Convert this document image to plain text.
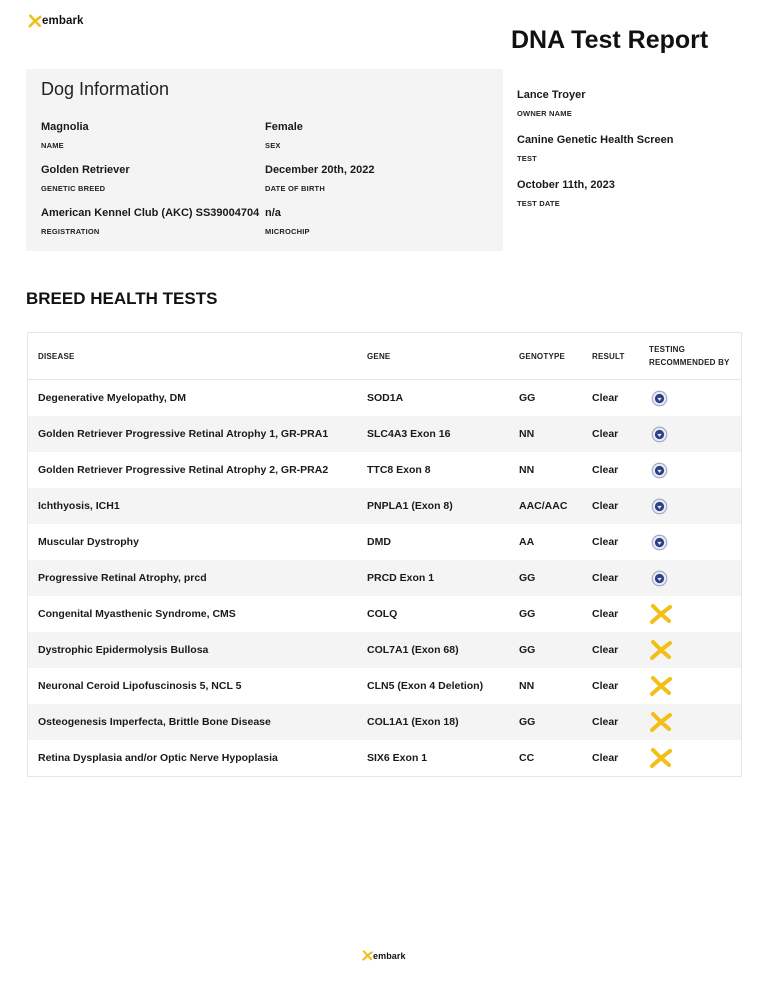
embark
DNA Test Report
Dog Information
Magnolia
NAME
Female
SEX
Golden Retriever
GENETIC BREED
December 20th, 2022
DATE OF BIRTH
American Kennel Club (AKC) SS39004704
REGISTRATION
n/a
MICROCHIP
Lance Troyer
OWNER NAME
Canine Genetic Health Screen
TEST
October 11th, 2023
TEST DATE
BREED HEALTH TESTS
DISEASE	GENE	GENOTYPE	RESULT	TESTING
RECOMMENDED BY

Degenerative Myelopathy, DM	SOD1A	GG	Clear	
Golden Retriever Progressive Retinal Atrophy 1, GR-PRA1	SLC4A3 Exon 16	NN	Clear	
Golden Retriever Progressive Retinal Atrophy 2, GR-PRA2	TTC8 Exon 8	NN	Clear	
Ichthyosis, ICH1	PNPLA1 (Exon 8)	AAC/AAC	Clear	
Muscular Dystrophy	DMD	AA	Clear	
Progressive Retinal Atrophy, prcd	PRCD Exon 1	GG	Clear	
Congenital Myasthenic Syndrome, CMS	COLQ	GG	Clear	
Dystrophic Epidermolysis Bullosa	COL7A1 (Exon 68)	GG	Clear	
Neuronal Ceroid Lipofuscinosis 5, NCL 5	CLN5 (Exon 4 Deletion)	NN	Clear	
Osteogenesis Imperfecta, Brittle Bone Disease	COL1A1 (Exon 18)	GG	Clear	
Retina Dysplasia and/or Optic Nerve Hypoplasia	SIX6 Exon 1	CC	Clear	
embark
